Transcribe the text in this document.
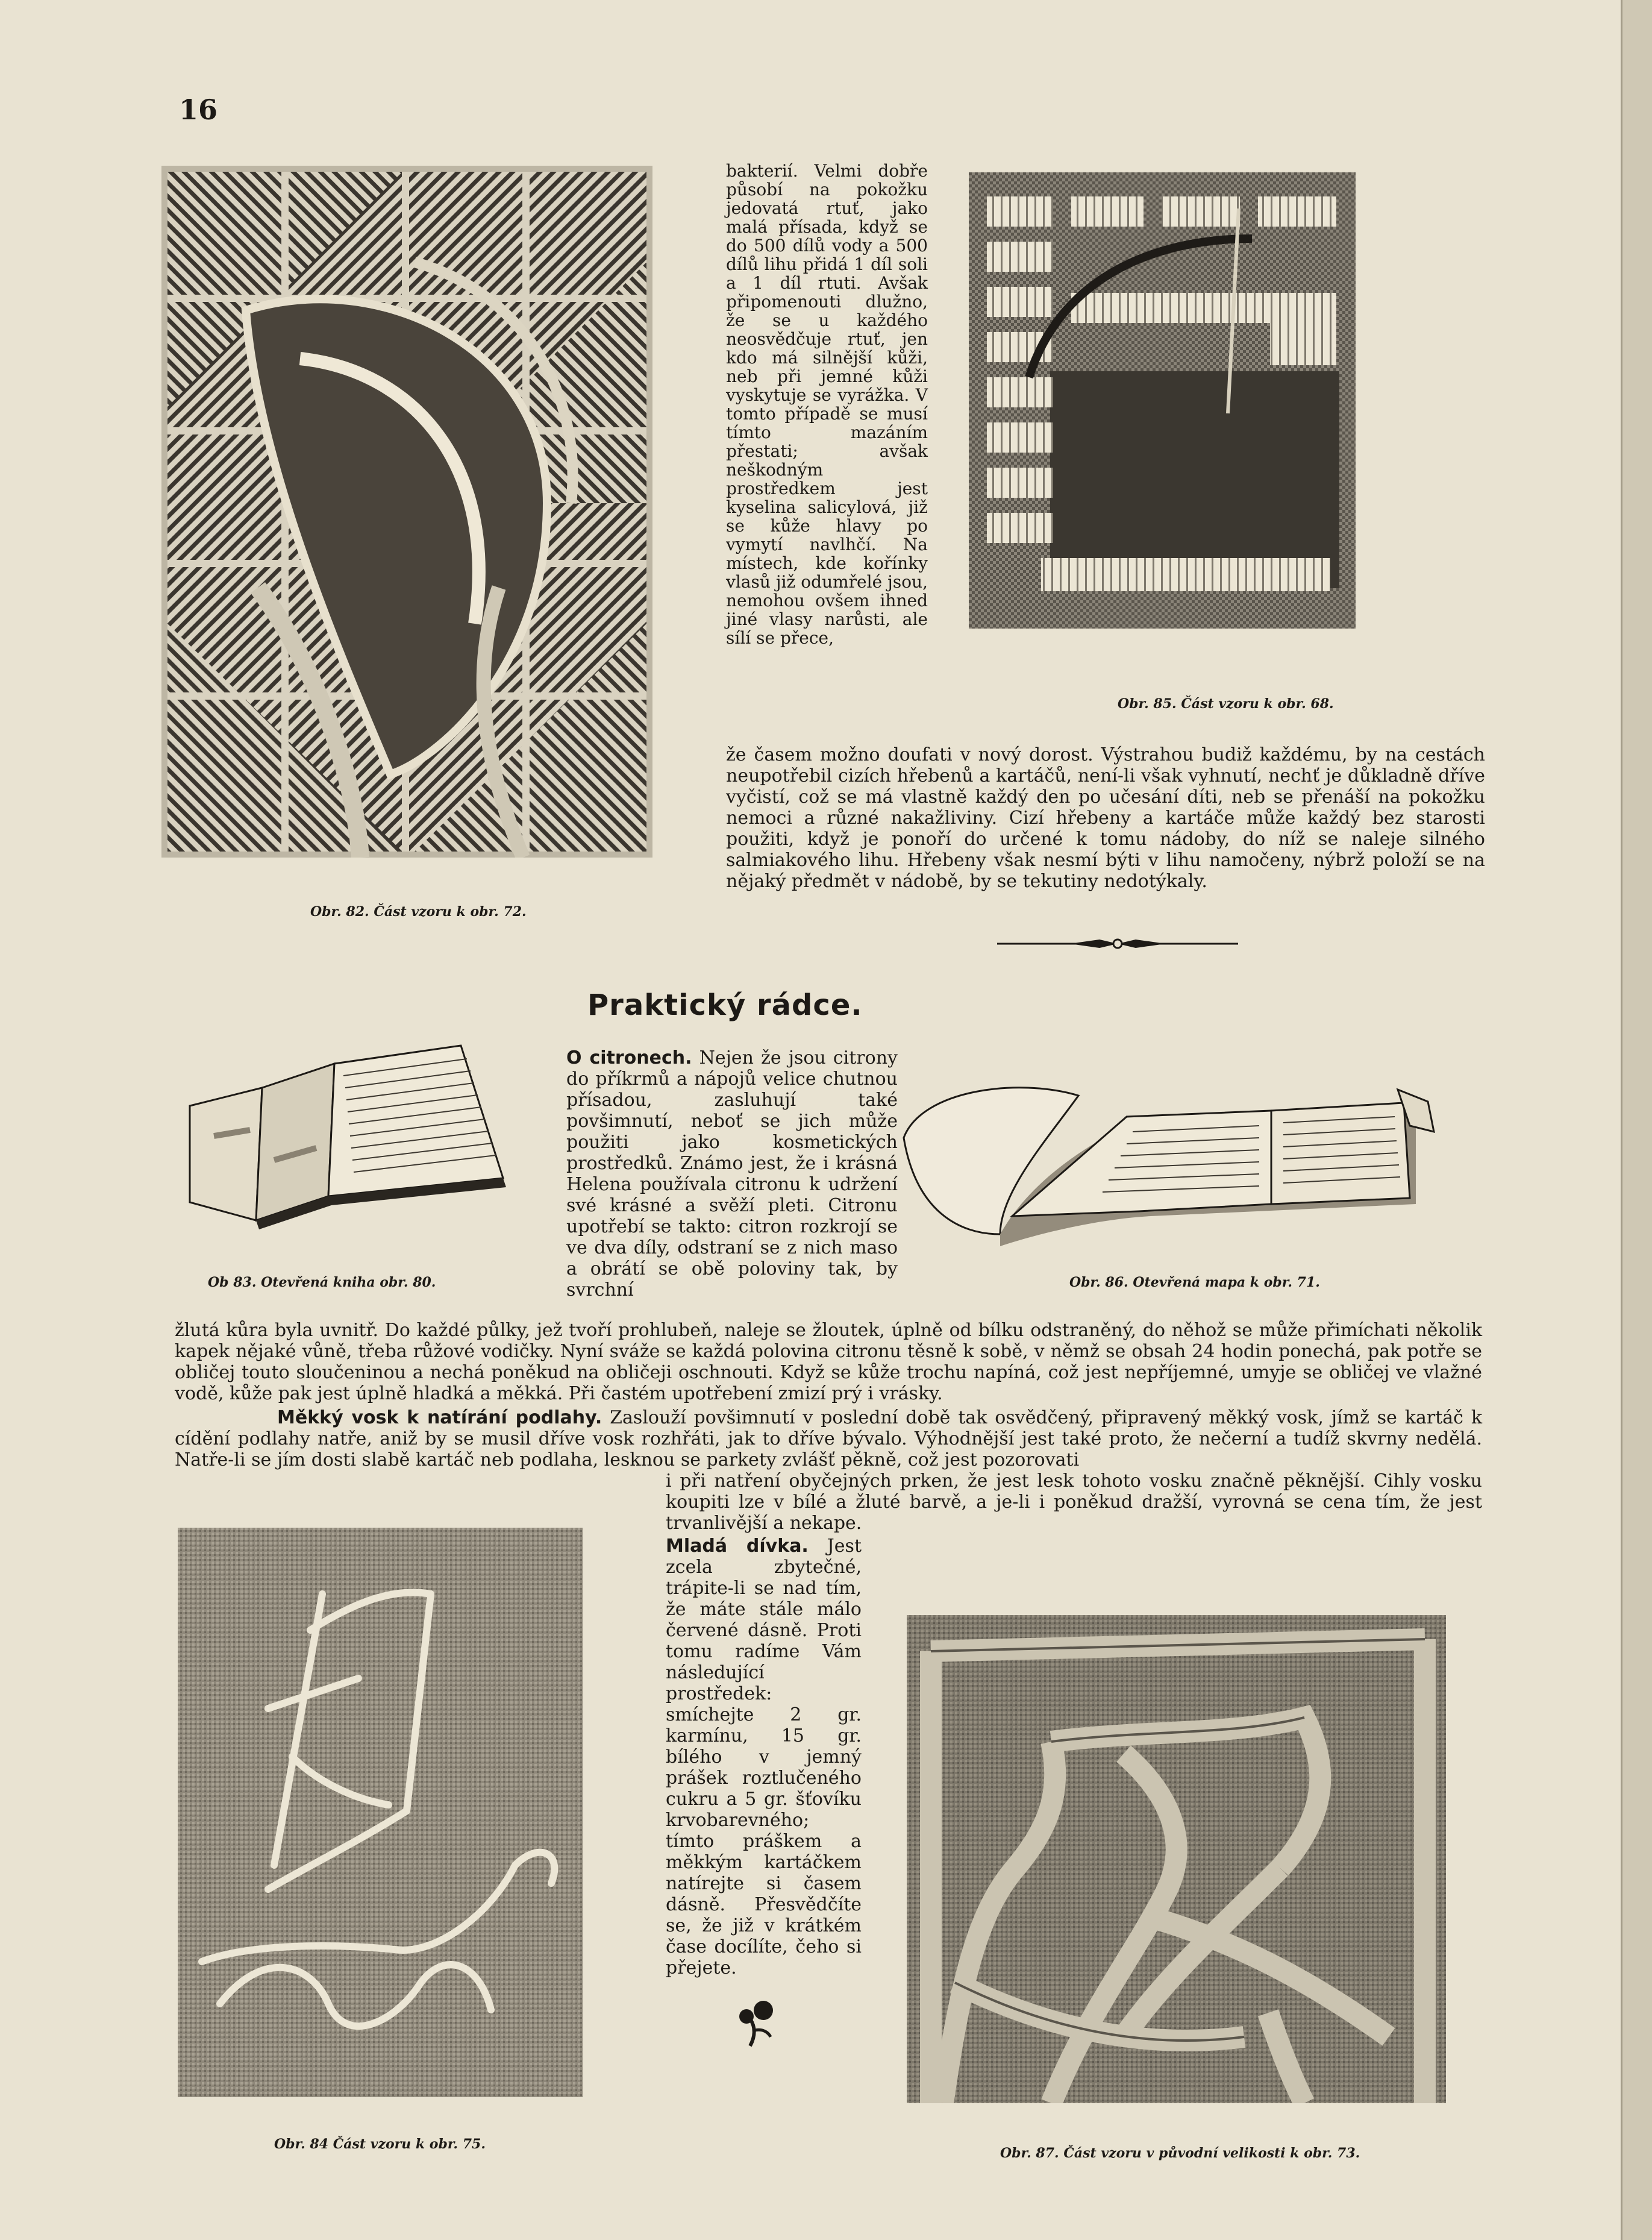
16
Obr. 82. Část vzoru k obr. 72.
Obr. 85. Část vzoru k obr. 68.

bakterií. Velmi dobře působí na pokožku jedovatá rtuť, jako malá přísada, když se do 500 dílů vody a 500 dílů lihu přidá 1 díl soli a 1 díl rtuti. Avšak připomenouti dlužno, že se u každého neosvědčuje rtuť, jen kdo má silnější kůži, neb při jemné kůži vyskytuje se vyrážka. V tomto případě se musí tímto mazáním přestati; avšak neškodným prostředkem jest kyselina salicylová, již se kůže hlavy po vymytí navlhčí. Na místech, kde kořínky vlasů již odumřelé jsou, nemohou ovšem ihned jiné vlasy narůsti, ale sílí se přece,

že časem možno doufati v nový dorost. Výstrahou budiž každému, by na cestách neupotřebil cizích hřebenů a kartáčů, není-li však vyhnutí, nechť je důkladně dříve vyčistí, což se má vlastně každý den po učesání díti, neb se přenáší na pokožku nemoci a různé nakažliviny. Cizí hřebeny a kartáče může každý bez starosti použiti, když je ponoří do určené k tomu nádoby, do níž se naleje silného salmiakového lihu. Hřebeny však nesmí býti v lihu namočeny, nýbrž položí se na nějaký předmět v nádobě, by se tekutiny nedotýkaly.

Praktický rádce.
Ob 83. Otevřená kniha obr. 80.

O citronech. Nejen že jsou citrony do příkrmů a nápojů velice chutnou přísadou, zasluhují také povšimnutí, neboť se jich může použiti jako kosmetických prostředků. Známo jest, že i krásná Helena používala citronu k udržení své krásné a svěží pleti. Citronu upotřebí se takto: citron rozkrojí se ve dva díly, odstraní se z nich maso a obrátí se obě poloviny tak, by svrchní	Obr. 86. Otevřená mapa k obr. 71.

žlutá kůra byla uvnitř. Do každé půlky, jež tvoří prohlubeň, naleje se žloutek, úplně od bílku odstraněný, do něhož se může přimíchati několik kapek nějaké vůně, třeba růžové vodičky. Nyní sváže se každá polovina citronu těsně k sobě, v němž se obsah 24 hodin ponechá, pak potře se obličej touto sloučeninou a nechá poněkud na obličeji oschnouti. Když se kůže trochu napíná, což jest nepříjemné, umyje se obličej ve vlažné vodě, kůže pak jest úplně hladká a měkká. Při častém upotřebení zmizí prý i vrásky.

Měkký vosk k natírání podlahy. Zaslouží povšimnutí v poslední době tak osvědčený, připravený měkký vosk, jímž se kartáč k cídění podlahy natře, aniž by se musil dříve vosk rozhřáti, jak to dříve bývalo. Výhodnější jest také proto, že nečerní a tudíž skvrny nedělá. Natře-li se jím dosti slabě kartáč neb podlaha, lesknou se parkety zvlášť pěkně, což jest pozorovati

i při natření obyčejných prken, že jest lesk tohoto vosku značně pěknější. Cihly vosku koupiti lze v bílé a žluté barvě, a je-li i poněkud dražší, vyrovná se cena tím, že jest trvanlivější a nekape.

Obr. 84 Část vzoru k obr. 75.

Mladá dívka. Jest zcela zbytečné, trápite-li se nad tím, že máte stále málo červené dásně. Proti tomu radíme Vám následující prostředek: smíchejte 2 gr. karmínu, 15 gr. bílého v jemný prášek roztlučeného cukru a 5 gr. šťovíku krvobarevného; tímto práškem a měkkým kartáčkem natírejte si časem dásně. Přesvědčíte se, že již v krátkém čase docílíte, čeho si přejete.

Obr. 87. Část vzoru v původní velikosti k obr. 73.
